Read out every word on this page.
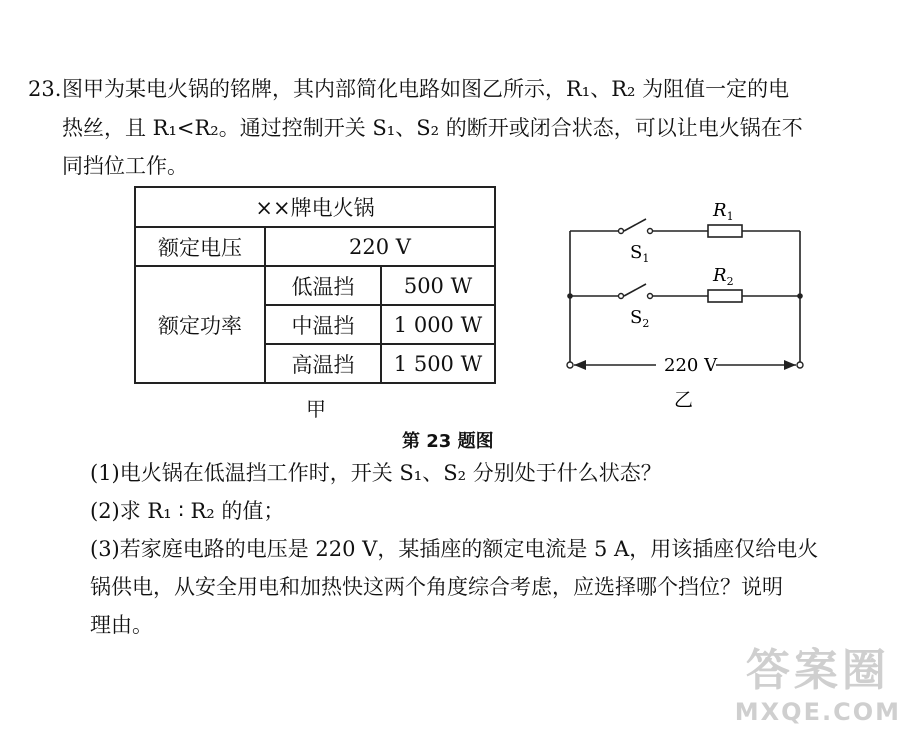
23. 图甲为某电火锅的铭牌，其内部简化电路如图乙所示，R₁、R₂ 为阻值一定的电
热丝，且 R₁<R₂。通过控制开关 S₁、S₂ 的断开或闭合状态，可以让电火锅在不
同挡位工作。
××牌电火锅		
额定电压	220 V	
额定功率	低温挡	500 W
	中温挡	1 000 W
	高温挡	1 500 W
甲
$R_1$
$S_1$
$R_2$
$S_2$
220 V
乙
第 23 题图
(1)电火锅在低温挡工作时，开关 S₁、S₂ 分别处于什么状态？
(2)求 R₁ ∶ R₂ 的值；
(3)若家庭电路的电压是 220 V，某插座的额定电流是 5 A，用该插座仅给电火
锅供电，从安全用电和加热快这两个角度综合考虑，应选择哪个挡位？说明
理由。
答案圈
MXQE.COM
